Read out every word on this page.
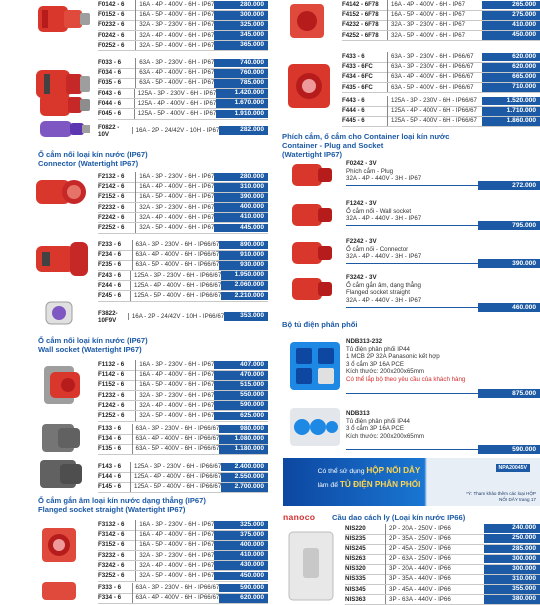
F0142 - 6	16A - 4P - 400V - 6H - IP67	280.000
F0152 - 6	16A - 5P - 400V - 6H - IP67	300.000
F0232 - 6	32A - 3P - 230V - 6H - IP67	325.000
F0242 - 6	32A - 4P - 400V - 6H - IP67	345.000
F0252 - 6	32A - 5P - 400V - 6H - IP67	365.000
F033 - 6	63A - 3P - 230V - 6H - IP67	740.000
F034 - 6	63A - 4P - 400V - 6H - IP67	760.000
F035 - 6	63A - 5P - 400V - 6H - IP67	785.000
F043 - 6	125A - 3P - 230V - 6H - IP67	1.420.000
F044 - 6	125A - 4P - 400V - 6H - IP67	1.670.000
F045 - 6	125A - 5P - 400V - 6H - IP67	1.910.000
F0822 - 10V	16A - 2P - 24/42V - 10H - IP67	282.000
Ổ cắm nối loại kín nước (IP67)
Connector (Watertight IP67)
F2132 - 6	16A - 3P - 230V - 6H - IP67	280.000
F2142 - 6	16A - 4P - 400V - 6H - IP67	310.000
F2152 - 6	16A - 5P - 400V - 6H - IP67	390.000
F2232 - 6	32A - 3P - 230V - 6H - IP67	400.000
F2242 - 6	32A - 4P - 400V - 6H - IP67	410.000
F2252 - 6	32A - 5P - 400V - 6H - IP67	445.000
F233 - 6	63A - 3P - 230V - 6H - IP66/67	890.000
F234 - 6	63A - 4P - 400V - 6H - IP66/67	910.000
F235 - 6	63A - 5P - 400V - 6H - IP66/67	930.000
F243 - 6	125A - 3P - 230V - 6H - IP66/67	1.950.000
F244 - 6	125A - 4P - 400V - 6H - IP66/67	2.060.000
F245 - 6	125A - 5P - 400V - 6H - IP66/67	2.210.000
F3822-10F9V	16A - 2P - 24/42V - 10H - IP66/67	353.000
Ổ cắm nối loại kín nước (IP67)
Wall socket (Watertight IP67)
F1132 - 6	16A - 3P - 230V - 6H - IP67	407.000
F1142 - 6	16A - 4P - 400V - 6H - IP67	470.000
F1152 - 6	16A - 5P - 400V - 6H - IP67	515.000
F1232 - 6	32A - 3P - 230V - 6H - IP67	550.000
F1242 - 6	32A - 4P - 400V - 6H - IP67	590.000
F1252 - 6	32A - 5P - 400V - 6H - IP67	625.000
F133 - 6	63A - 3P - 230V - 6H - IP66/67	980.000
F134 - 6	63A - 4P - 400V - 6H - IP66/67	1.080.000
F135 - 6	63A - 5P - 400V - 6H - IP66/67	1.180.000
F143 - 6	125A - 3P - 230V - 6H - IP66/67	2.400.000
F144 - 6	125A - 4P - 400V - 6H - IP66/67	2.550.000
F145 - 6	125A - 5P - 400V - 6H - IP66/67	2.700.000
Ổ cắm gắn âm loại kín nước dạng thẳng (IP67)
Flanged socket straight (Watertight IP67)
F3132 - 6	16A - 3P - 230V - 6H - IP67	325.000
F3142 - 6	16A - 4P - 400V - 6H - IP67	375.000
F3152 - 6	16A - 5P - 400V - 6H - IP67	400.000
F3232 - 6	32A - 3P - 230V - 6H - IP67	410.000
F3242 - 6	32A - 4P - 400V - 6H - IP67	430.000
F3252 - 6	32A - 5P - 400V - 6H - IP67	450.000
F333 - 6	63A - 3P - 230V - 6H - IP66/67	590.000
F334 - 6	63A - 4P - 400V - 6H - IP66/67	620.000
F4142 - 6F78	16A - 4P - 400V - 6H - IP67	265.000
F4152 - 6F78	16A - 5P - 400V - 6H - IP67	275.000
F4232 - 6F78	32A - 3P - 230V - 6H - IP67	410.000
F4252 - 6F78	32A - 5P - 400V - 6H - IP67	450.000
F433 - 6	63A - 3P - 230V - 6H - IP66/67	620.000
F433 - 6FC	63A - 3P - 230V - 6H - IP66/67	620.000
F434 - 6FC	63A - 4P - 400V - 6H - IP66/67	665.000
F435 - 6FC	63A - 5P - 400V - 6H - IP66/67	710.000
F443 - 6	125A - 3P - 230V - 6H - IP66/67	1.520.000
F444 - 6	125A - 4P - 400V - 6H - IP66/67	1.710.000
F445 - 6	125A - 5P - 400V - 6H - IP66/67	1.860.000
Phích cắm, ổ cắm cho Container loại kín nước
Container - Plug and Socket
(Watertight IP67)
F0242 - 3V
Phích cắm - Plug
32A - 4P - 440V - 3H - IP67
272.000
F1242 - 3V
Ổ cắm nổi - Wall socket
32A - 4P - 440V - 3H - IP67
795.000
F2242 - 3V
Ổ cắm nối - Connector
32A - 4P - 440V - 3H - IP67
390.000
F3242 - 3V
Ổ cắm gắn âm, dạng thẳng
Flanged socket straight
32A - 4P - 440V - 3H - IP67
460.000
Bộ tủ điện phân phối
NDB313-232
Tủ điện phân phối IP44
1 MCB 2P 32A Panasonic kết hợp
3 ổ cắm 3P 16A PCE
Kích thước: 200x200x65mm
Có thể lắp bộ theo yêu cầu của khách hàng
875.000
NDB313
Tủ điện phân phối IP44
3 ổ cắm 3P 16A PCE
Kích thước: 200x200x65mm
590.000
Có thể sử dụng HỘP NỐI DÂY
làm để TỦ ĐIỆN PHÂN PHỐI
NPA20045V
*Ý: Tham khảo thêm các loại HỘP NỐI DÂY trang 17
nanoco Cầu dao cách ly (Loại kín nước IP66)
NIS220	2P - 20A - 250V - IP66	240.000
NIS235	2P - 35A - 250V - IP66	250.000
NIS245	2P - 45A - 250V - IP66	285.000
NIS263	2P - 63A - 250V - IP66	300.000
NIS320	3P - 20A - 440V - IP66	300.000
NIS335	3P - 35A - 440V - IP66	310.000
NIS345	3P - 45A - 440V - IP66	355.000
NIS363	3P - 63A - 440V - IP66	380.000
